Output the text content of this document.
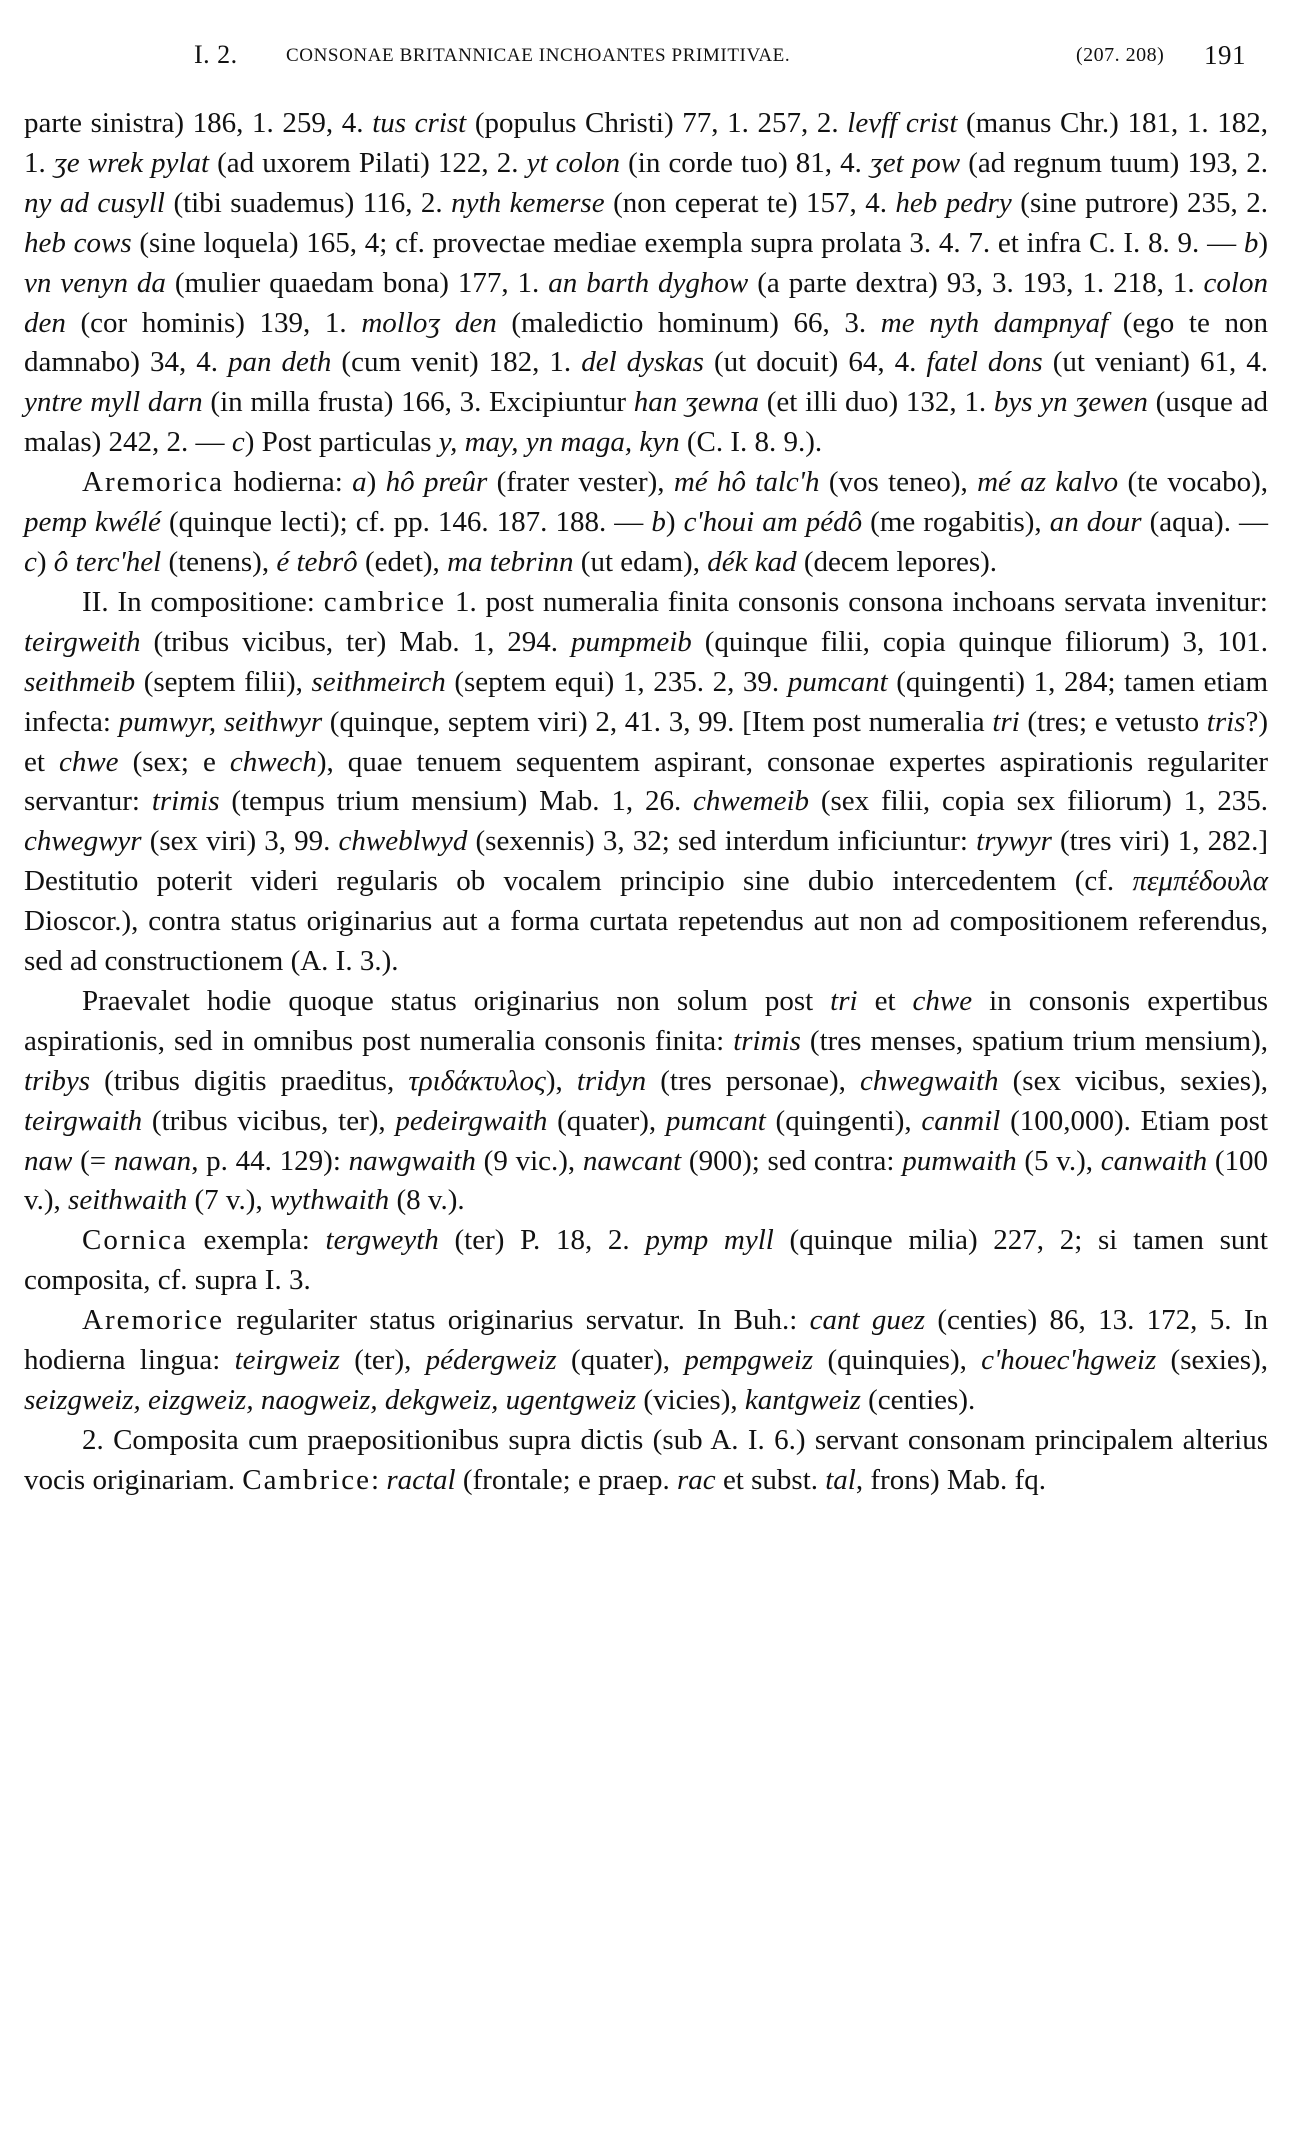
I. 2.	CONSONAE BRITANNICAE INCHOANTES PRIMITIVAE.	(207. 208) 191

parte sinistra) 186, 1. 259, 4. tus crist (populus Christi) 77, 1. 257, 2. levff crist (manus Chr.) 181, 1. 182, 1. ʒe wrek pylat (ad uxorem Pilati) 122, 2. yt colon (in corde tuo) 81, 4. ʒet pow (ad regnum tuum) 193, 2. ny ad cusyll (tibi suademus) 116, 2. nyth kemerse (non ceperat te) 157, 4. heb pedry (sine putrore) 235, 2. heb cows (sine loquela) 165, 4; cf. provectae mediae exempla supra prolata 3. 4. 7. et infra C. I. 8. 9. — b) vn venyn da (mulier quaedam bona) 177, 1. an barth dyghow (a parte dextra) 93, 3. 193, 1. 218, 1. colon den (cor hominis) 139, 1. molloʒ den (maledictio hominum) 66, 3. me nyth dampnyaf (ego te non damnabo) 34, 4. pan deth (cum venit) 182, 1. del dyskas (ut docuit) 64, 4. fatel dons (ut veniant) 61, 4. yntre myll darn (in milla frusta) 166, 3. Excipiuntur han ʒewna (et illi duo) 132, 1. bys yn ʒewen (usque ad malas) 242, 2. — c) Post particulas y, may, yn maga, kyn (C. I. 8. 9.).

Aremorica hodierna: a) hô preûr (frater vester), mé hô talc'h (vos teneo), mé az kalvo (te vocabo), pemp kwélé (quinque lecti); cf. pp. 146. 187. 188. — b) c'houi am pédô (me rogabitis), an dour (aqua). — c) ô terc'hel (tenens), é tebrô (edet), ma tebrinn (ut edam), dék kad (decem lepores).

II. In compositione: cambrice 1. post numeralia finita consonis consona inchoans servata invenitur: teirgweith (tribus vicibus, ter) Mab. 1, 294. pumpmeib (quinque filii, copia quinque filiorum) 3, 101. seithmeib (septem filii), seithmeirch (septem equi) 1, 235. 2, 39. pumcant (quingenti) 1, 284; tamen etiam infecta: pumwyr, seithwyr (quinque, septem viri) 2, 41. 3, 99. [Item post numeralia tri (tres; e vetusto tris?) et chwe (sex; e chwech), quae tenuem sequentem aspirant, consonae expertes aspirationis regulariter servantur: trimis (tempus trium mensium) Mab. 1, 26. chwemeib (sex filii, copia sex filiorum) 1, 235. chwegwyr (sex viri) 3, 99. chweblwyd (sexennis) 3, 32; sed interdum inficiuntur: trywyr (tres viri) 1, 282.] Destitutio poterit videri regularis ob vocalem principio sine dubio intercedentem (cf. πεμπέδουλα Dioscor.), contra status originarius aut a forma curtata repetendus aut non ad compositionem referendus, sed ad constructionem (A. I. 3.).

Praevalet hodie quoque status originarius non solum post tri et chwe in consonis expertibus aspirationis, sed in omnibus post numeralia consonis finita: trimis (tres menses, spatium trium mensium), tribys (tribus digitis praeditus, τριδάκτυλος), tridyn (tres personae), chwegwaith (sex vicibus, sexies), teirgwaith (tribus vicibus, ter), pedeirgwaith (quater), pumcant (quingenti), canmil (100,000). Etiam post naw (= nawan, p. 44. 129): nawgwaith (9 vic.), nawcant (900); sed contra: pumwaith (5 v.), canwaith (100 v.), seithwaith (7 v.), wythwaith (8 v.).

Cornica exempla: tergweyth (ter) P. 18, 2. pymp myll (quinque milia) 227, 2; si tamen sunt composita, cf. supra I. 3.

Aremorice regulariter status originarius servatur. In Buh.: cant guez (centies) 86, 13. 172, 5. In hodierna lingua: teirgweiz (ter), pédergweiz (quater), pempgweiz (quinquies), c'houec'hgweiz (sexies), seizgweiz, eizgweiz, naogweiz, dekgweiz, ugentgweiz (vicies), kantgweiz (centies).

2. Composita cum praepositionibus supra dictis (sub A. I. 6.) servant consonam principalem alterius vocis originariam. Cambrice: ractal (frontale; e praep. rac et subst. tal, frons) Mab. fq.
